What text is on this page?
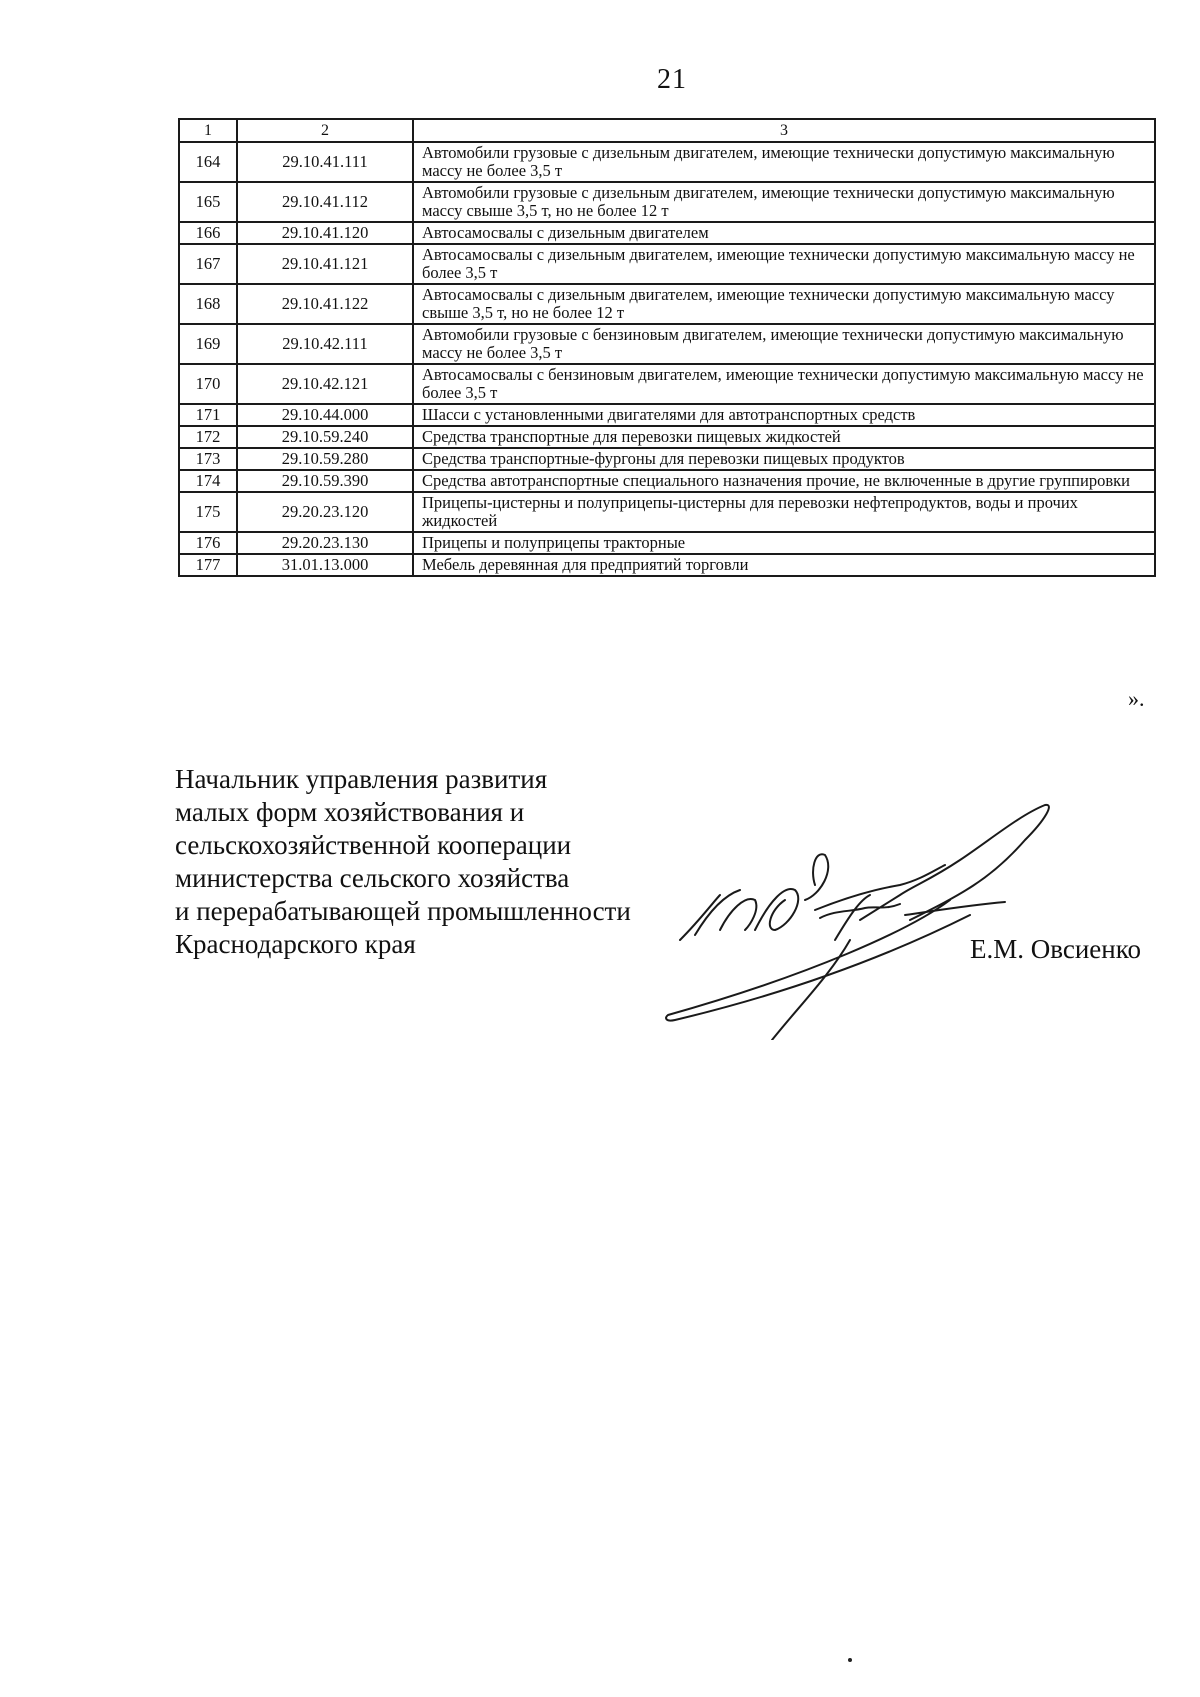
21
1	2	3
164	29.10.41.111	Автомобили грузовые с дизельным двигателем, имеющие технически допустимую максимальную массу не более 3,5 т
165	29.10.41.112	Автомобили грузовые с дизельным двигателем, имеющие технически допустимую максимальную массу свыше 3,5 т, но не более 12 т
166	29.10.41.120	Автосамосвалы с дизельным двигателем
167	29.10.41.121	Автосамосвалы с дизельным двигателем, имеющие технически допустимую максимальную массу не более 3,5 т
168	29.10.41.122	Автосамосвалы с дизельным двигателем, имеющие технически допустимую максимальную массу свыше 3,5 т, но не более 12 т
169	29.10.42.111	Автомобили грузовые с бензиновым двигателем, имеющие технически допустимую максимальную массу не более 3,5 т
170	29.10.42.121	Автосамосвалы с бензиновым двигателем, имеющие технически допустимую максимальную массу не более 3,5 т
171	29.10.44.000	Шасси с установленными двигателями для автотранспортных средств
172	29.10.59.240	Средства транспортные для перевозки пищевых жидкостей
173	29.10.59.280	Средства транспортные-фургоны для перевозки пищевых продуктов
174	29.10.59.390	Средства автотранспортные специального назначения прочие, не включенные в другие группировки
175	29.20.23.120	Прицепы-цистерны и полуприцепы-цистерны для перевозки нефтепродуктов, воды и прочих жидкостей
176	29.20.23.130	Прицепы и полуприцепы тракторные
177	31.01.13.000	Мебель деревянная для предприятий торговли
».
Начальник управления развития
малых форм хозяйствования и
сельскохозяйственной кооперации
министерства сельского хозяйства
и перерабатывающей промышленности
Краснодарского края	Е.М. Овсиенко
